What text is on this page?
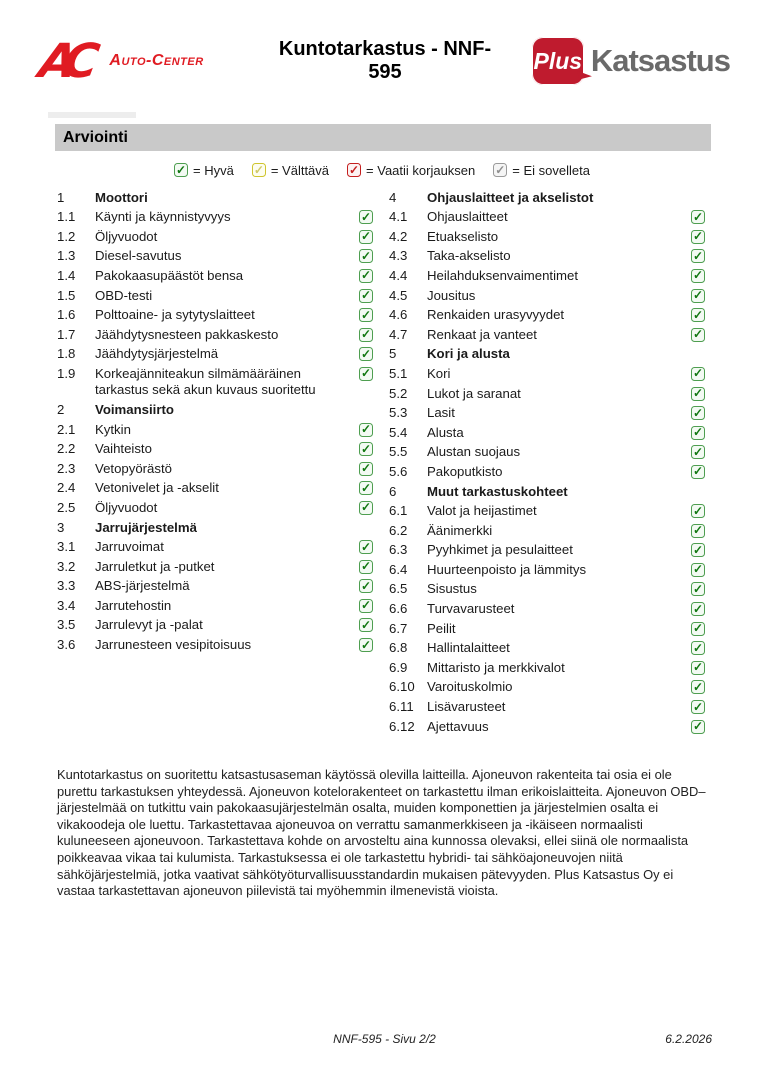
AC	Auto-Center
Kuntotarkastus - NNF-595	Plus Katsastus
Arviointi
✓ = Hyvä ✓ = Välttävä ✓ = Vaatii korjauksen ✓ = Ei sovelleta
1	Moottori
1.1	Käynti ja käynnistyvyys	✓
1.2	Öljyvuodot	✓
1.3	Diesel-savutus	✓
1.4	Pakokaasupäästöt bensa	✓
1.5	OBD-testi	✓
1.6	Polttoaine- ja sytytyslaitteet	✓
1.7	Jäähdytysnesteen pakkaskesto	✓
1.8	Jäähdytysjärjestelmä	✓
1.9	Korkeajänniteakun silmämääräinen tarkastus sekä akun kuvaus suoritettu
✓
2	Voimansiirto
2.1	Kytkin	✓
2.2	Vaihteisto	✓
2.3	Vetopyörästö	✓
2.4	Vetonivelet ja -akselit	✓
2.5	Öljyvuodot	✓
3	Jarrujärjestelmä
3.1	Jarruvoimat	✓
3.2	Jarruletkut ja -putket	✓
3.3	ABS-järjestelmä	✓
3.4	Jarrutehostin	✓
3.5	Jarrulevyt ja -palat	✓
3.6	Jarrunesteen vesipitoisuus	✓
4	Ohjauslaitteet ja akselistot
4.1	Ohjauslaitteet	✓
4.2	Etuakselisto	✓
4.3	Taka-akselisto	✓
4.4	Heilahduksenvaimentimet	✓
4.5	Jousitus	✓
4.6	Renkaiden urasyvyydet	✓
4.7	Renkaat ja vanteet	✓
5	Kori ja alusta
5.1	Kori	✓
5.2	Lukot ja saranat	✓
5.3	Lasit	✓
5.4	Alusta	✓
5.5	Alustan suojaus	✓
5.6	Pakoputkisto	✓
6	Muut tarkastuskohteet
6.1	Valot ja heijastimet	✓
6.2	Äänimerkki	✓
6.3	Pyyhkimet ja pesulaitteet	✓
6.4	Huurteenpoisto ja lämmitys	✓
6.5	Sisustus	✓
6.6	Turvavarusteet	✓
6.7	Peilit	✓
6.8	Hallintalaitteet	✓
6.9	Mittaristo ja merkkivalot	✓
6.10 Varoituskolmio	✓
6.11	Lisävarusteet	✓
6.12 Ajettavuus	✓
Kuntotarkastus on suoritettu katsastusaseman käytössä olevilla laitteilla. Ajoneuvon rakenteita tai osia ei ole purettu tarkastuksen yhteydessä. Ajoneuvon kotelorakenteet on tarkastettu ilman erikoislaitteita. Ajoneuvon OBD–järjestelmää on tutkittu vain pakokaasujärjestelmän osalta, muiden komponettien ja järjestelmien osalta ei vikakoodeja ole luettu. Tarkastettavaa ajoneuvoa on verrattu samanmerkkiseen ja -ikäiseen normaalisti kuluneeseen ajoneuvoon. Tarkastettava kohde on arvosteltu aina kunnossa olevaksi, ellei siinä ole normaalista poikkeavaa vikaa tai kulumista. Tarkastuksessa ei ole tarkastettu hybridi- tai sähköajoneuvojen niitä sähköjärjestelmiä, jotka vaativat sähkötyöturvallisuusstandardin mukaisen pätevyyden. Plus Katsastus Oy ei vastaa tarkastettavan ajoneuvon piilevistä tai myöhemmin ilmenevistä vioista.
NNF-595 - Sivu 2/2	6.2.2026
